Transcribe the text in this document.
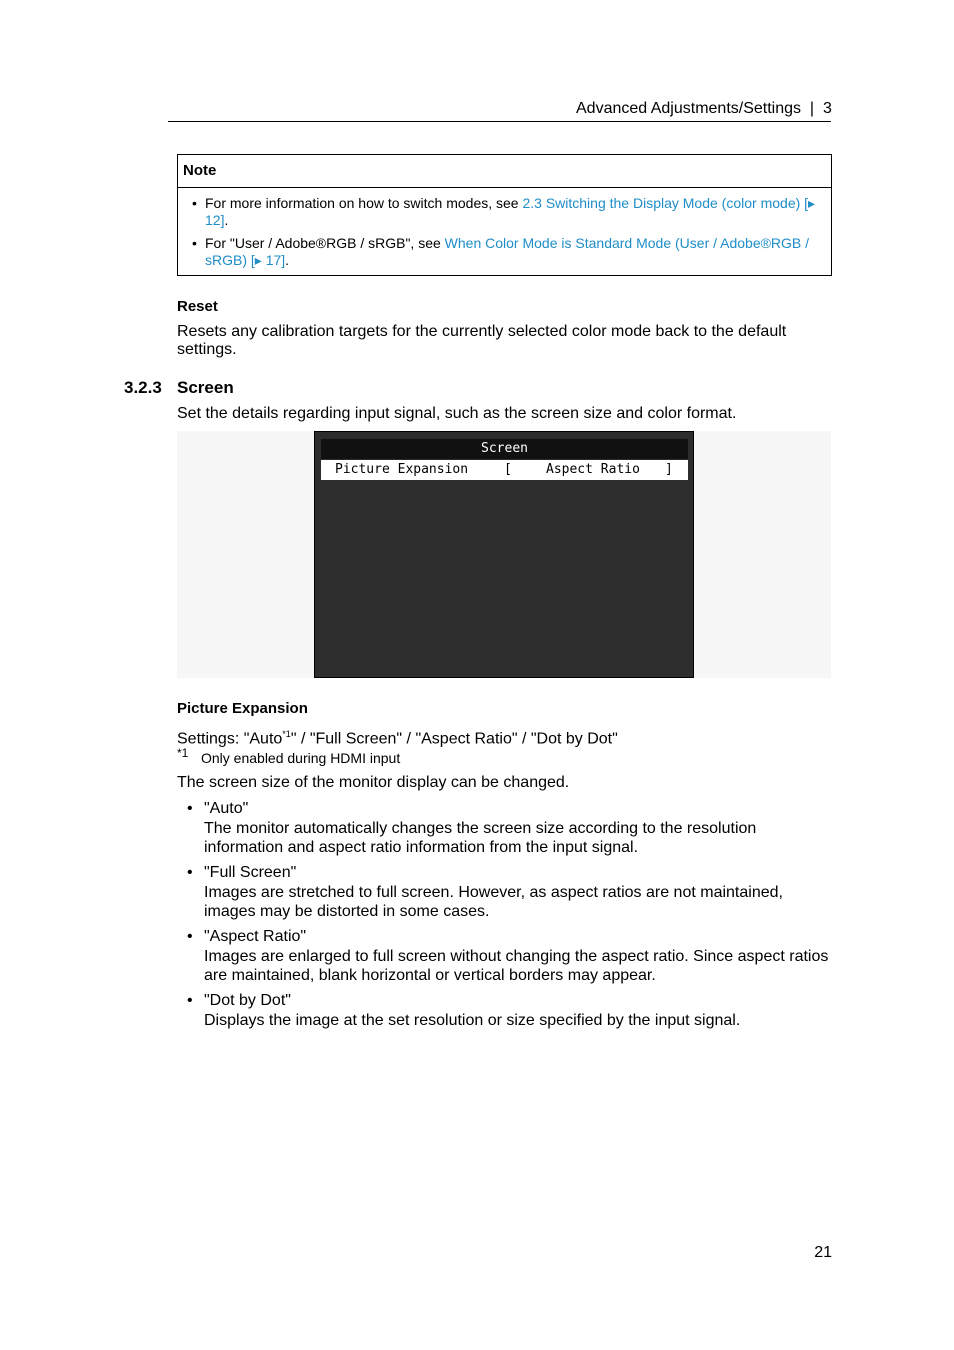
Advanced Adjustments/Settings  |  3
Note
• For more information on how to switch modes, see 2.3 Switching the Display Mode (color mode) [▸ 12].
• For "User / Adobe®RGB / sRGB", see When Color Mode is Standard Mode (User / Adobe®RGB / sRGB) [▸ 17].
Reset
Resets any calibration targets for the currently selected color mode back to the default settings.
3.2.3 Screen
Set the details regarding input signal, such as the screen size and color format.
Screen
Picture Expansion	[	Aspect Ratio ]
Picture Expansion
Settings: "Auto$^{*1}$" / "Full Screen" / "Aspect Ratio" / "Dot by Dot"
*1 Only enabled during HDMI input
The screen size of the monitor display can be changed.
• "Auto"
The monitor automatically changes the screen size according to the resolution information and aspect ratio information from the input signal.
• "Full Screen"
Images are stretched to full screen. However, as aspect ratios are not maintained, images may be distorted in some cases.
• "Aspect Ratio"
Images are enlarged to full screen without changing the aspect ratio. Since aspect ratios are maintained, blank horizontal or vertical borders may appear.
• "Dot by Dot"
Displays the image at the set resolution or size specified by the input signal.
21
